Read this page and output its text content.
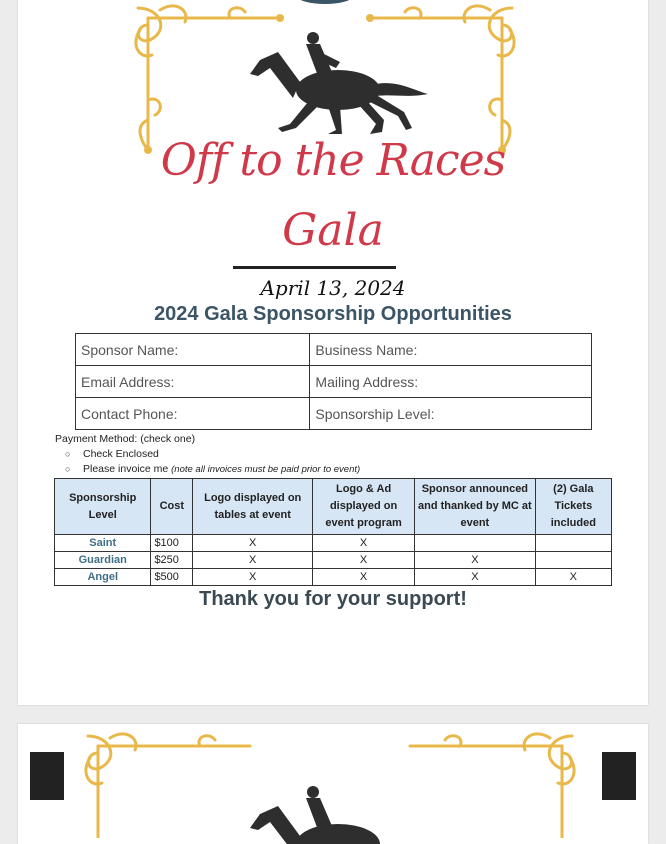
Off to the Races
Gala
April 13, 2024
2024 Gala Sponsorship Opportunities
Sponsor Name:	Business Name:
Email Address:	Mailing Address:
Contact Phone:	Sponsorship Level:
Payment Method: (check one)
○ Check Enclosed
○ Please invoice me (note all invoices must be paid prior to event)
Sponsorship Level	Cost	Logo displayed on tables at event	Logo & Ad displayed on event program	Sponsor announced and thanked by MC at event	(2) Gala Tickets included
Saint	$100	X	X		
Guardian	$250	X	X	X	
Angel	$500	X	X	X	X
Thank you for your support!
